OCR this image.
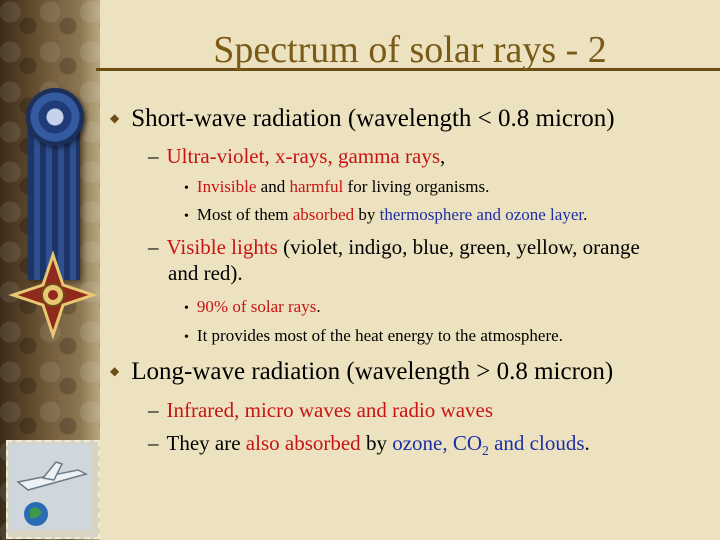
Spectrum of solar rays - 2
◆ Short-wave radiation (wavelength < 0.8 micron)
– Ultra-violet, x-rays, gamma rays,
• Invisible and harmful for living organisms.
• Most of them absorbed by thermosphere and ozone layer.
– Visible lights (violet, indigo, blue, green, yellow, orange
and red).
• 90% of solar rays.
• It provides most of the heat energy to the atmosphere.
◆ Long-wave radiation (wavelength > 0.8 micron)
– Infrared, micro waves and radio waves
– They are also absorbed by ozone, $CO_2$ and clouds.
